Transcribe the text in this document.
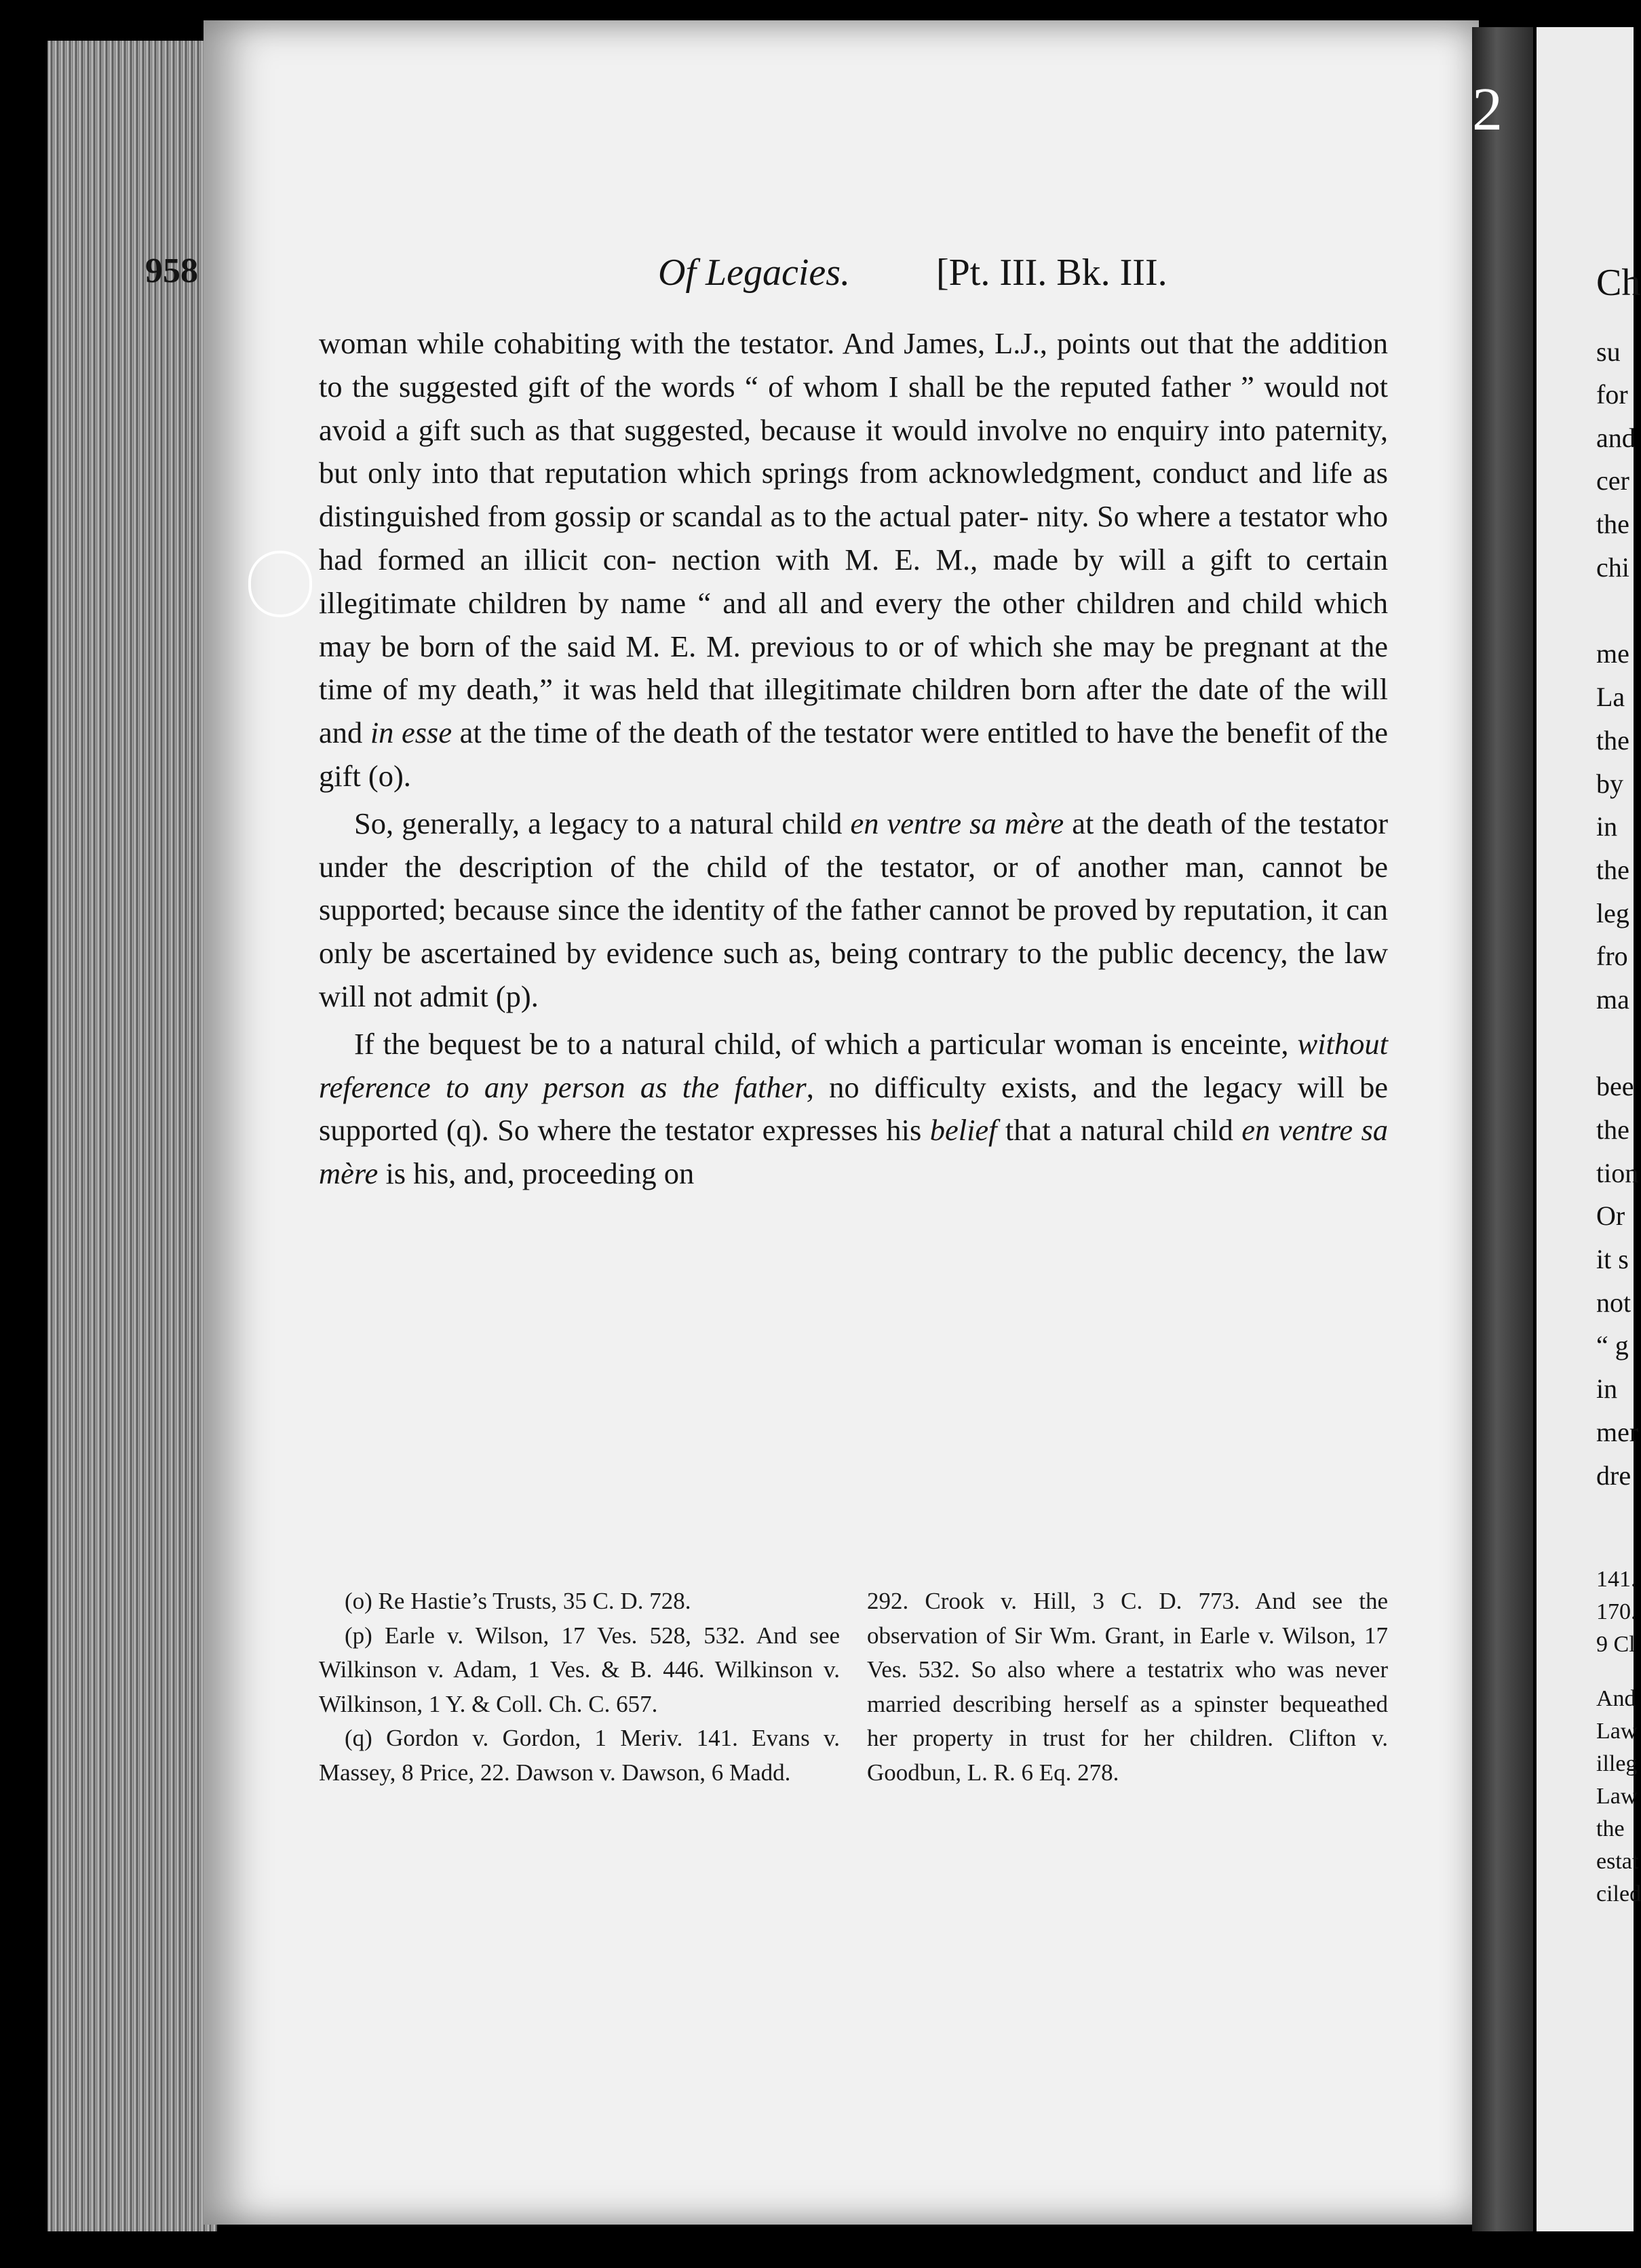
Ch
su
for
and
cer
the
chi
me
La
the
by
in
the
leg
fro
ma
bee
the
tion
Or
it s
not
“ g
in
mer
dre
141.
170.
9 Cl
And
Law
illeg
Law
the
estat
ciled
2
958	Of Legacies. [Pt. III. Bk. III.

woman while cohabiting with the testator. And James, L.J., points out that the addition to the suggested gift of the words “ of whom I shall be the reputed father ” would not avoid a gift such as that suggested, because it would involve no enquiry into paternity, but only into that reputation which springs from acknowledgment, conduct and life as distinguished from gossip or scandal as to the actual pater- nity. So where a testator who had formed an illicit con- nection with M. E. M., made by will a gift to certain illegitimate children by name “ and all and every the other children and child which may be born of the said M. E. M. previous to or of which she may be pregnant at the time of my death,” it was held that illegitimate children born after the date of the will and in esse at the time of the death of the testator were entitled to have the benefit of the gift (o).

So, generally, a legacy to a natural child en ventre sa mère at the death of the testator under the description of the child of the testator, or of another man, cannot be supported; because since the identity of the father cannot be proved by reputation, it can only be ascertained by evidence such as, being contrary to the public decency, the law will not admit (p).

If the bequest be to a natural child, of which a particular woman is enceinte, without reference to any person as the father, no difficulty exists, and the legacy will be supported (q). So where the testator expresses his belief that a natural child en ventre sa mère is his, and, proceeding on

(o) Re Hastie’s Trusts, 35 C. D. 728.

(p) Earle v. Wilson, 17 Ves. 528, 532. And see Wilkinson v. Adam, 1 Ves. & B. 446. Wilkinson v. Wilkinson, 1 Y. & Coll. Ch. C. 657.

(q) Gordon v. Gordon, 1 Meriv. 141. Evans v. Massey, 8 Price, 22. Dawson v. Dawson, 6 Madd.

292. Crook v. Hill, 3 C. D. 773. And see the observation of Sir Wm. Grant, in Earle v. Wilson, 17 Ves. 532. So also where a testatrix who was never married describing herself as a spinster bequeathed her property in trust for her children. Clifton v. Goodbun, L. R. 6 Eq. 278.
